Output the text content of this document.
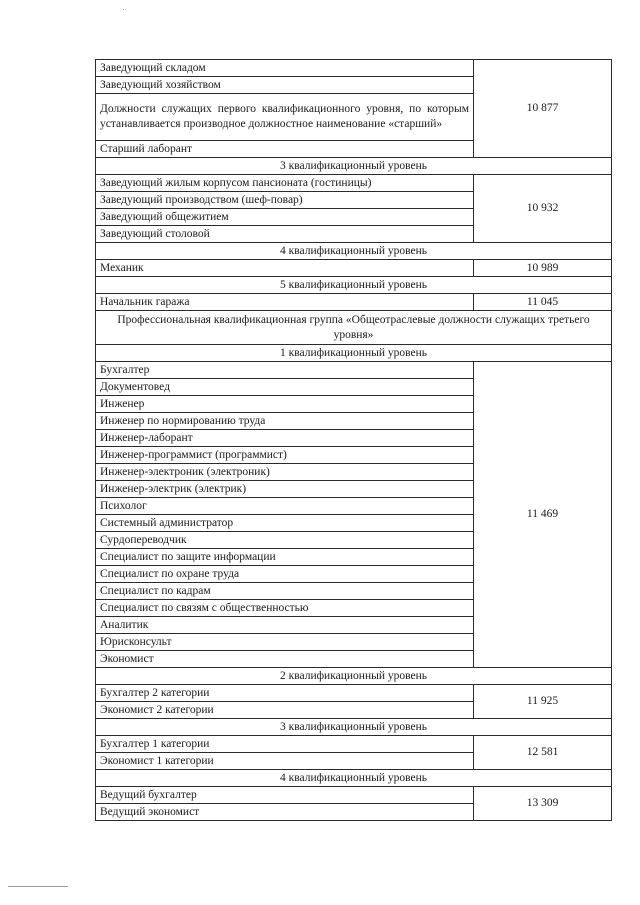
Заведующий складом	10 877
Заведующий хозяйством	
Должности служащих первого квалификационного уровня, по которым устанавливается производное должностное наименование «старший»	
Старший лаборант	
3 квалификационный уровень	
Заведующий жилым корпусом пансионата (гостиницы)	10 932
Заведующий производством (шеф-повар)	
Заведующий общежитием	
Заведующий столовой	
4 квалификационный уровень	
Механик	10 989
5 квалификационный уровень	
Начальник гаража	11 045
Профессиональная квалификационная группа «Общеотраслевые должности служащих третьего уровня»	
1 квалификационный уровень	
Бухгалтер	11 469
Документовед	
Инженер	
Инженер по нормированию труда	
Инженер-лаборант	
Инженер-программист (программист)	
Инженер-электроник (электроник)	
Инженер-электрик (электрик)	
Психолог	
Системный администратор	
Сурдопереводчик	
Специалист по защите информации	
Специалист по охране труда	
Специалист по кадрам	
Специалист по связям с общественностью	
Аналитик	
Юрисконсульт	
Экономист	
2 квалификационный уровень	
Бухгалтер 2 категории	11 925
Экономист 2 категории	
3 квалификационный уровень	
Бухгалтер 1 категории	12 581
Экономист 1 категории	
4 квалификационный уровень	
Ведущий бухгалтер	13 309
Ведущий экономист	
